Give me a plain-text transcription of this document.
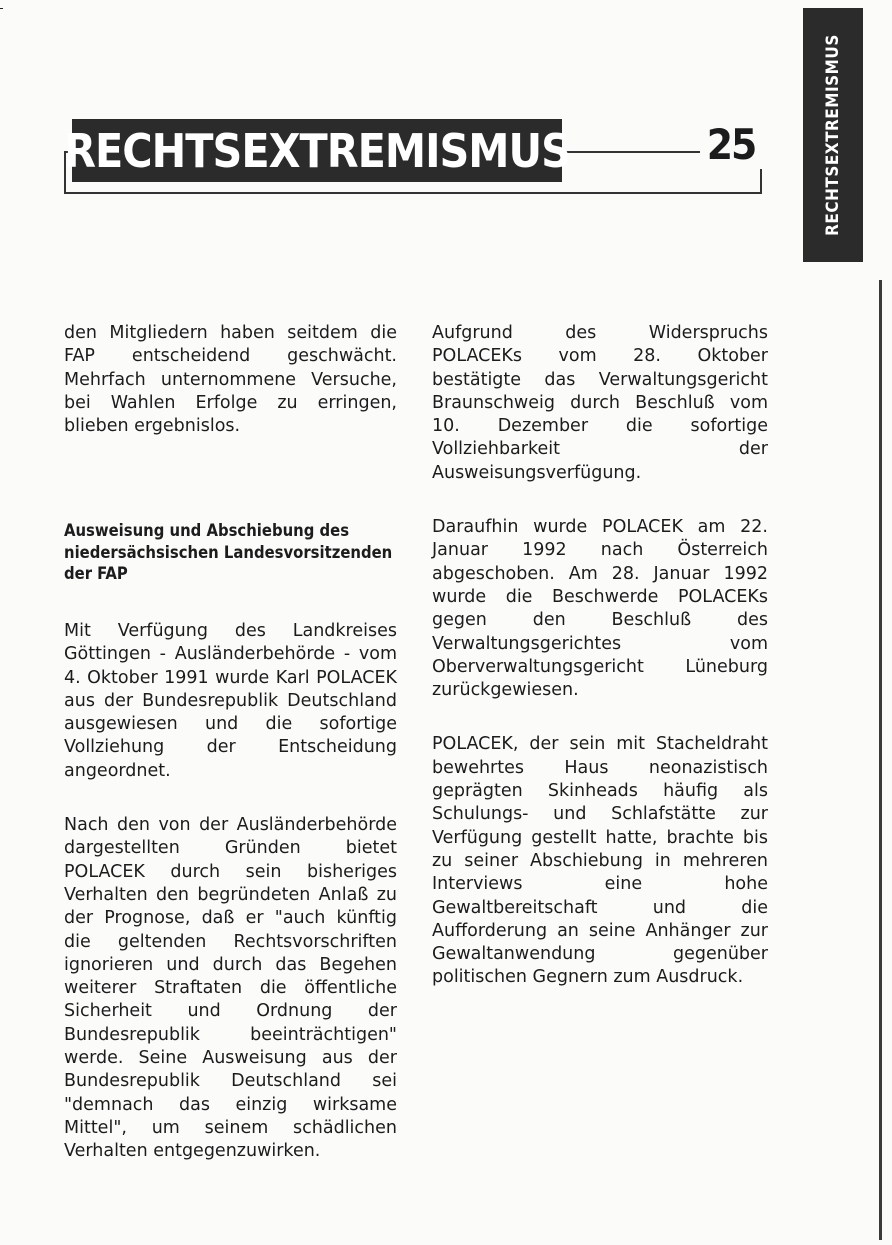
RECHTSEXTREMISMUS
RECHTSEXTREMISMUS	25

den Mitgliedern haben seitdem die FAP entscheidend geschwächt. Mehrfach unternommene Versuche, bei Wahlen Erfolge zu erringen, blieben ergebnislos.

Ausweisung und Abschiebung des niedersächsischen Landesvorsitzenden der FAP

Mit Verfügung des Landkreises Göttingen - Ausländerbehörde - vom 4. Oktober 1991 wurde Karl POLACEK aus der Bundesrepublik Deutschland ausgewiesen und die sofortige Vollziehung der Entscheidung angeordnet.

Nach den von der Ausländerbehörde dargestellten Gründen bietet POLACEK durch sein bisheriges Verhalten den begründeten Anlaß zu der Prognose, daß er "auch künftig die geltenden Rechtsvorschriften ignorieren und durch das Begehen weiterer Straftaten die öffentliche Sicherheit und Ordnung der Bundesrepublik beeinträchtigen" werde. Seine Ausweisung aus der Bundesrepublik Deutschland sei "demnach das einzig wirksame Mittel", um seinem schädlichen Verhalten entgegenzuwirken.

Aufgrund des Widerspruchs POLACEKs vom 28. Oktober bestätigte das Verwaltungsgericht Braunschweig durch Beschluß vom 10. Dezember die sofortige Vollziehbarkeit der Ausweisungsverfügung.

Daraufhin wurde POLACEK am 22. Januar 1992 nach Österreich abgeschoben. Am 28. Januar 1992 wurde die Beschwerde POLACEKs gegen den Beschluß des Verwaltungsgerichtes vom Oberverwaltungsgericht Lüneburg zurückgewiesen.

POLACEK, der sein mit Stacheldraht bewehrtes Haus neonazistisch geprägten Skinheads häufig als Schulungs- und Schlafstätte zur Verfügung gestellt hatte, brachte bis zu seiner Abschiebung in mehreren Interviews eine hohe Gewaltbereitschaft und die Aufforderung an seine Anhänger zur Gewaltanwendung gegenüber politischen Gegnern zum Ausdruck.
